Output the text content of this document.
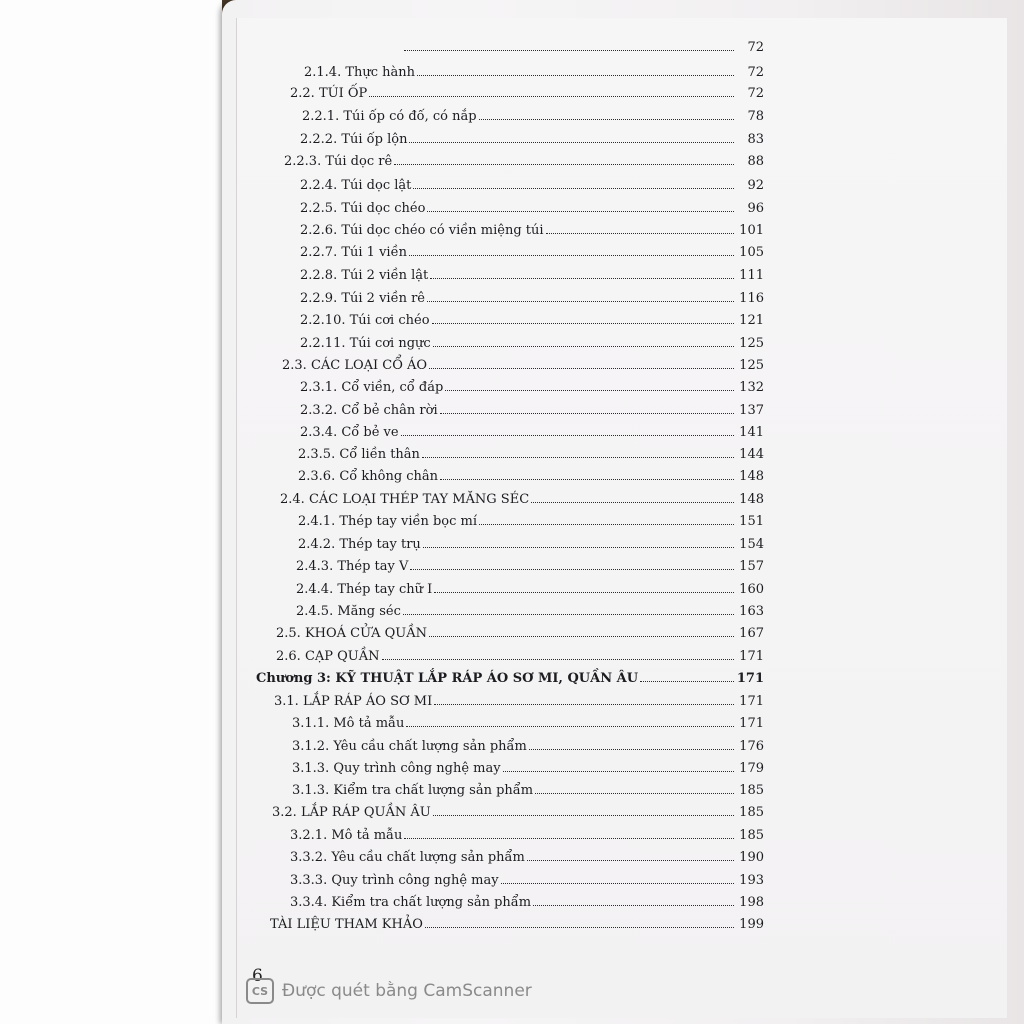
72
2.1.4. Thực hành	72
2.2. TÚI ỐP	72
2.2.1. Túi ốp có đố, có nắp	78
2.2.2. Túi ốp lộn	83
2.2.3. Túi dọc rê	88
2.2.4. Túi dọc lật	92
2.2.5. Túi dọc chéo	96
2.2.6. Túi dọc chéo có viền miệng túi	101
2.2.7. Túi 1 viền	105
2.2.8. Túi 2 viền lật	111
2.2.9. Túi 2 viền rê	116
2.2.10. Túi cơi chéo	121
2.2.11. Túi cơi ngực	125
2.3. CÁC LOẠI CỔ ÁO	125
2.3.1. Cổ viền, cổ đáp	132
2.3.2. Cổ bẻ chân rời	137
2.3.4. Cổ bẻ ve	141
2.3.5. Cổ liền thân	144
2.3.6. Cổ không chân	148
2.4. CÁC LOẠI THÉP TAY MĂNG SÉC	148
2.4.1. Thép tay viền bọc mí	151
2.4.2. Thép tay trụ	154
2.4.3. Thép tay V	157
2.4.4. Thép tay chữ I	160
2.4.5. Măng séc	163
2.5. KHOÁ CỬA QUẦN	167
2.6. CẠP QUẦN	171
Chương 3: KỸ THUẬT LẮP RÁP ÁO SƠ MI, QUẦN ÂU	171
3.1. LẮP RÁP ÁO SƠ MI	171
3.1.1. Mô tả mẫu	171
3.1.2. Yêu cầu chất lượng sản phẩm	176
3.1.3. Quy trình công nghệ may	179
3.1.3. Kiểm tra chất lượng sản phẩm	185
3.2. LẮP RÁP QUẦN ÂU	185
3.2.1. Mô tả mẫu	185
3.3.2. Yêu cầu chất lượng sản phẩm	190
3.3.3. Quy trình công nghệ may	193
3.3.4. Kiểm tra chất lượng sản phẩm	198
TÀI LIỆU THAM KHẢO	199
6
CS Được quét bằng CamScanner
